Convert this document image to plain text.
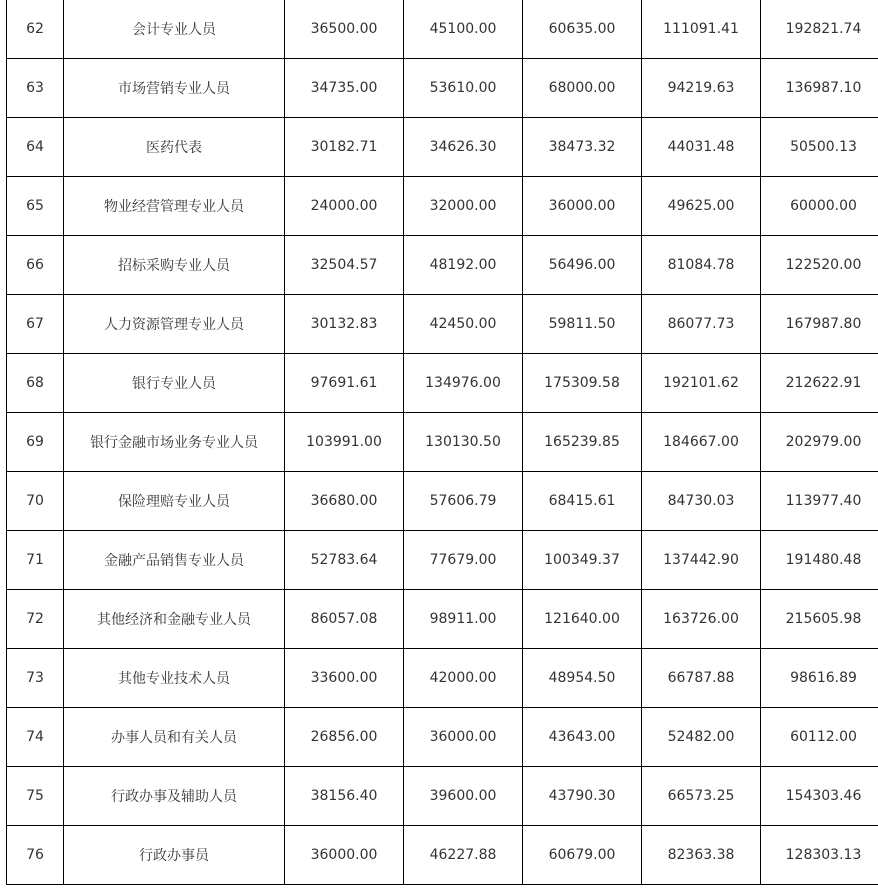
62	会计专业人员	36500.00	45100.00	60635.00	111091.41	192821.74
63	市场营销专业人员	34735.00	53610.00	68000.00	94219.63	136987.10
64	医药代表	30182.71	34626.30	38473.32	44031.48	50500.13
65	物业经营管理专业人员	24000.00	32000.00	36000.00	49625.00	60000.00
66	招标采购专业人员	32504.57	48192.00	56496.00	81084.78	122520.00
67	人力资源管理专业人员	30132.83	42450.00	59811.50	86077.73	167987.80
68	银行专业人员	97691.61	134976.00	175309.58	192101.62	212622.91
69	银行金融市场业务专业人员	103991.00	130130.50	165239.85	184667.00	202979.00
70	保险理赔专业人员	36680.00	57606.79	68415.61	84730.03	113977.40
71	金融产品销售专业人员	52783.64	77679.00	100349.37	137442.90	191480.48
72	其他经济和金融专业人员	86057.08	98911.00	121640.00	163726.00	215605.98
73	其他专业技术人员	33600.00	42000.00	48954.50	66787.88	98616.89
74	办事人员和有关人员	26856.00	36000.00	43643.00	52482.00	60112.00
75	行政办事及辅助人员	38156.40	39600.00	43790.30	66573.25	154303.46
76	行政办事员	36000.00	46227.88	60679.00	82363.38	128303.13
